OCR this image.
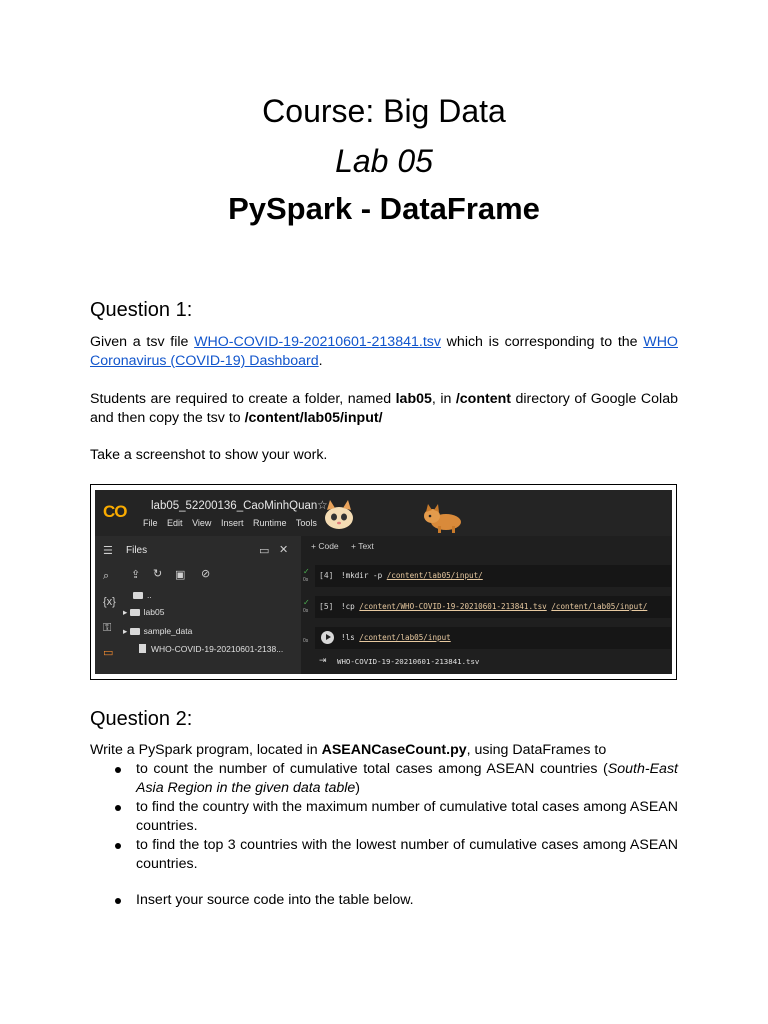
Course: Big Data
Lab 05
PySpark - DataFrame
Question 1:
Given a tsv file WHO-COVID-19-20210601-213841.tsv which is corresponding to the WHO Coronavirus (COVID-19) Dashboard.
Students are required to create a folder, named lab05, in /content directory of Google Colab and then copy the tsv to /content/lab05/input/
Take a screenshot to show your work.
CO lab05_52200136_CaoMinhQuan ☆
File Edit View Insert Runtime Tools
☰
⌕
{x}
⚿
▭
Files	▭ ✕
⇪ ↻ ▣ ⊘
..
▸ lab05
▸ sample_data
WHO-COVID-19-20210601-2138...
+ Code + Text
✓
0s [4] !mkdir -p /content/lab05/input/
✓
0s [5] !cp /content/WHO-COVID-19-20210601-213841.tsv /content/lab05/input/
0s	!ls /content/lab05/input
⇥ WHO-COVID-19-20210601-213841.tsv
Question 2:
Write a PySpark program, located in ASEANCaseCount.py, using DataFrames to
to count the number of cumulative total cases among ASEAN countries (South-East Asia Region in the given data table)
to find the country with the maximum number of cumulative total cases among ASEAN countries.
to find the top 3 countries with the lowest number of cumulative cases among ASEAN countries.
Insert your source code into the table below.
